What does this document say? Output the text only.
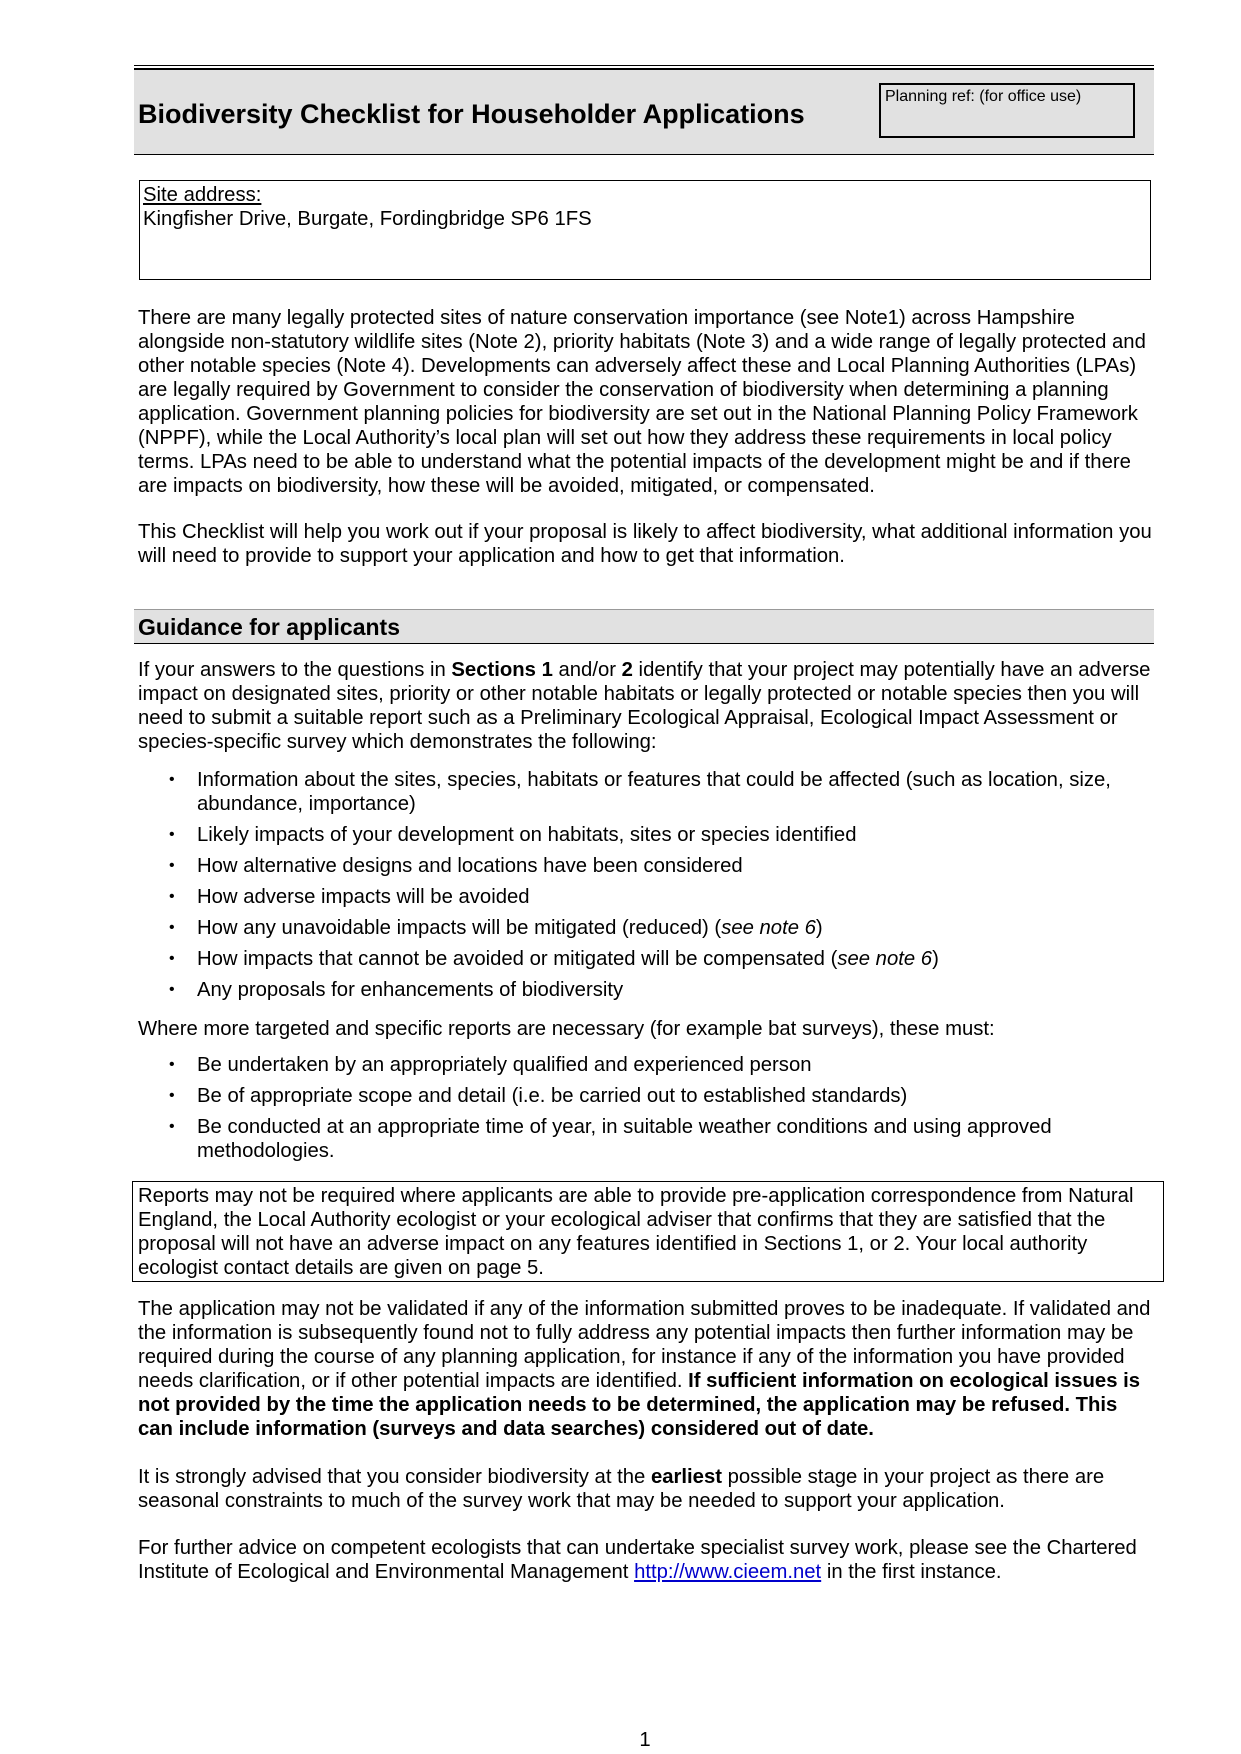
Biodiversity Checklist for Householder Applications
Planning ref: (for office use)
Site address:
Kingfisher Drive, Burgate, Fordingbridge SP6 1FS
There are many legally protected sites of nature conservation importance (see Note1) across Hampshire alongside non-statutory wildlife sites (Note 2), priority habitats (Note 3) and a wide range of legally protected and other notable species (Note 4). Developments can adversely affect these and Local Planning Authorities (LPAs) are legally required by Government to consider the conservation of biodiversity when determining a planning application. Government planning policies for biodiversity are set out in the National Planning Policy Framework (NPPF), while the Local Authority’s local plan will set out how they address these requirements in local policy terms. LPAs need to be able to understand what the potential impacts of the development might be and if there are impacts on biodiversity, how these will be avoided, mitigated, or compensated.
This Checklist will help you work out if your proposal is likely to affect biodiversity, what additional information you will need to provide to support your application and how to get that information.
Guidance for applicants
If your answers to the questions in Sections 1 and/or 2 identify that your project may potentially have an adverse impact on designated sites, priority or other notable habitats or legally protected or notable species then you will need to submit a suitable report such as a Preliminary Ecological Appraisal, Ecological Impact Assessment or species-specific survey which demonstrates the following:
• Information about the sites, species, habitats or features that could be affected (such as location, size, abundance, importance)
• Likely impacts of your development on habitats, sites or species identified
• How alternative designs and locations have been considered
• How adverse impacts will be avoided
• How any unavoidable impacts will be mitigated (reduced) (see note 6)
• How impacts that cannot be avoided or mitigated will be compensated (see note 6)
• Any proposals for enhancements of biodiversity
Where more targeted and specific reports are necessary (for example bat surveys), these must:
• Be undertaken by an appropriately qualified and experienced person
• Be of appropriate scope and detail (i.e. be carried out to established standards)
• Be conducted at an appropriate time of year, in suitable weather conditions and using approved methodologies.
Reports may not be required where applicants are able to provide pre-application correspondence from Natural England, the Local Authority ecologist or your ecological adviser that confirms that they are satisfied that the proposal will not have an adverse impact on any features identified in Sections 1, or 2. Your local authority ecologist contact details are given on page 5.
The application may not be validated if any of the information submitted proves to be inadequate. If validated and the information is subsequently found not to fully address any potential impacts then further information may be required during the course of any planning application, for instance if any of the information you have provided needs clarification, or if other potential impacts are identified. If sufficient information on ecological issues is not provided by the time the application needs to be determined, the application may be refused. This can include information (surveys and data searches) considered out of date.
It is strongly advised that you consider biodiversity at the earliest possible stage in your project as there are seasonal constraints to much of the survey work that may be needed to support your application.
For further advice on competent ecologists that can undertake specialist survey work, please see the Chartered Institute of Ecological and Environmental Management http://www.cieem.net in the first instance.
1
